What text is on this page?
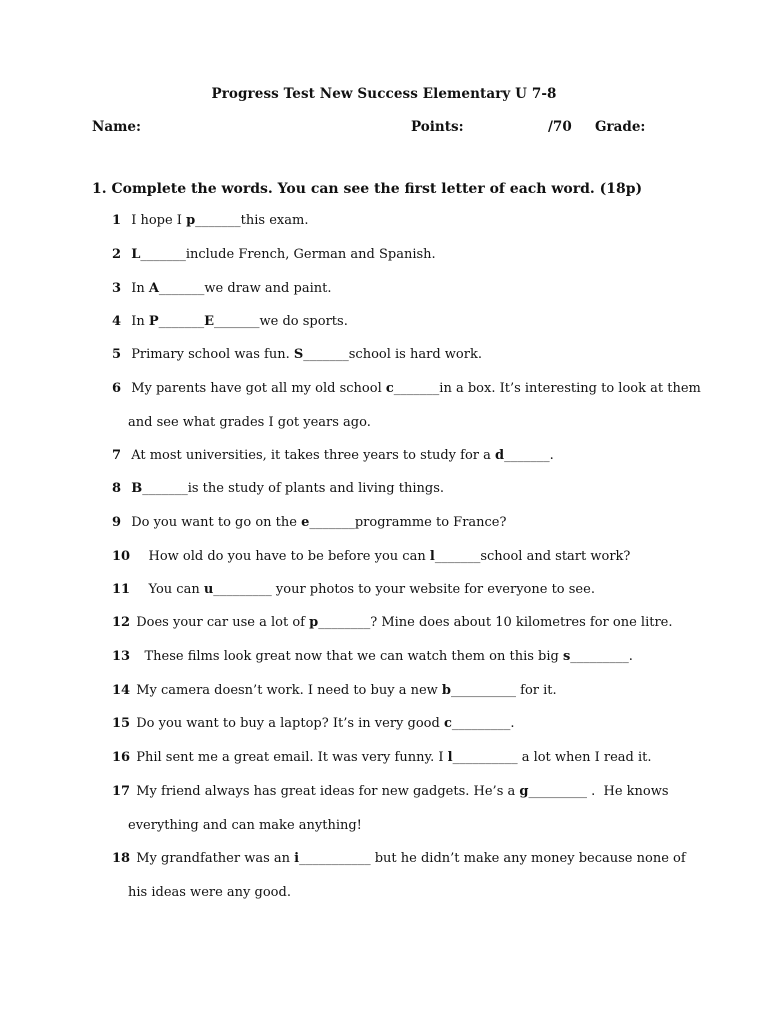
Progress Test New Success Elementary U 7-8
Name:	Points:	/70 Grade:
1. Complete the words. You can see the first letter of each word. (18p)
1 I hope I p_______this exam.
2 L_______include French, German and Spanish.
3 In A_______we draw and paint.
4 In P_______E_______we do sports.
5 Primary school was fun. S_______school is hard work.
6 My parents have got all my old school c_______in a box. It’s interesting to look at them
and see what grades I got years ago.
7 At most universities, it takes three years to study for a d_______.
8 B_______is the study of plants and living things.
9 Do you want to go on the e_______programme to France?
10   How old do you have to be before you can l_______school and start work?
11   You can u_________ your photos to your website for everyone to see.
12 Does your car use a lot of p________? Mine does about 10 kilometres for one litre.
13   These films look great now that we can watch them on this big s_________.
14 My camera doesn’t work. I need to buy a new b__________ for it.
15 Do you want to buy a laptop? It’s in very good c_________.
16 Phil sent me a great email. It was very funny. I l__________ a lot when I read it.
17 My friend always has great ideas for new gadgets. He’s a g_________ .  He knows
everything and can make anything!
18 My grandfather was an i___________ but he didn’t make any money because none of
his ideas were any good.
